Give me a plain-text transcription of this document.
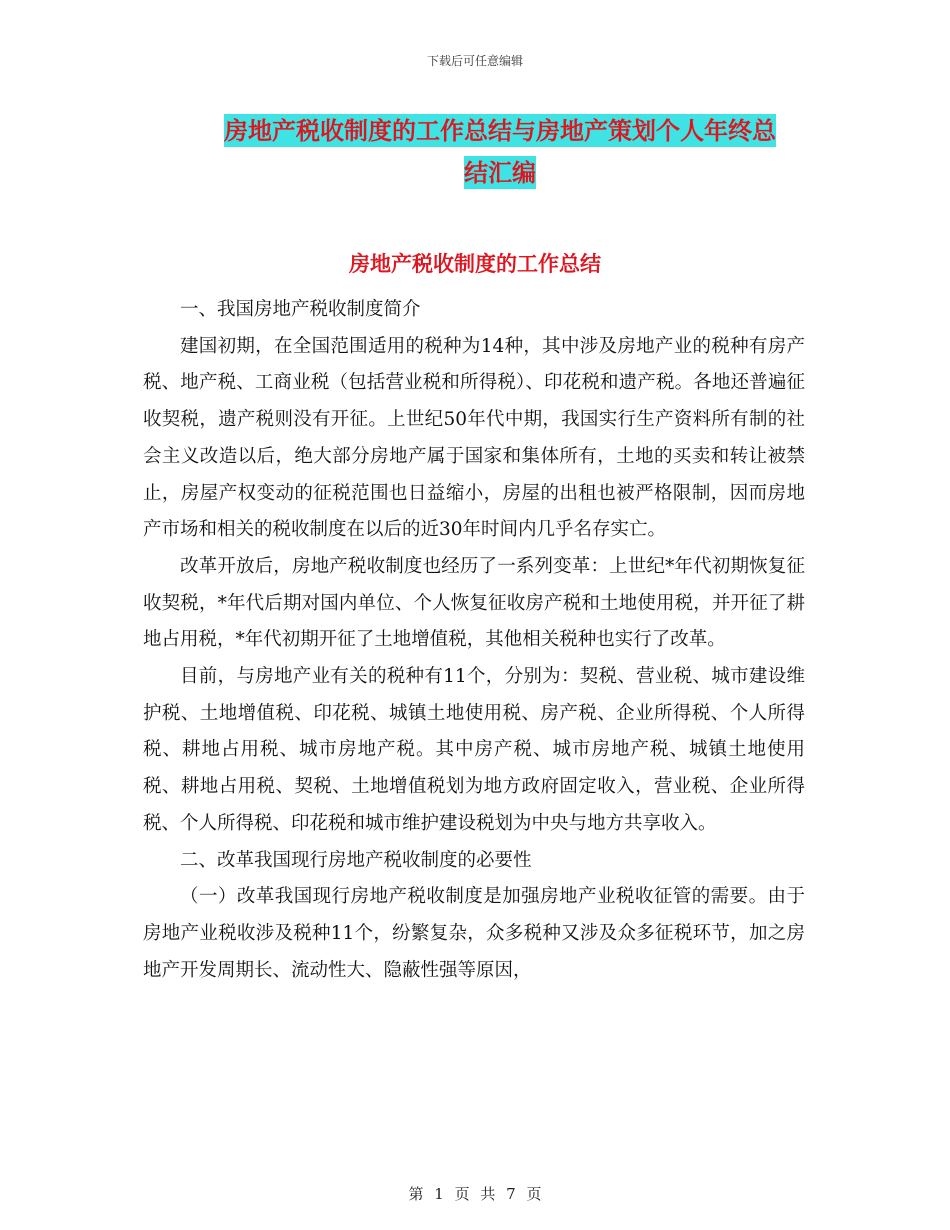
下载后可任意编辑
房地产税收制度的工作总结与房地产策划个人年终总
结汇编
房地产税收制度的工作总结

一、我国房地产税收制度简介

建国初期，在全国范围适用的税种为14种，其中涉及房地产业的税种有房产税、地产税、工商业税（包括营业税和所得税）、印花税和遗产税。各地还普遍征收契税，遗产税则没有开征。上世纪50年代中期，我国实行生产资料所有制的社会主义改造以后，绝大部分房地产属于国家和集体所有，土地的买卖和转让被禁止，房屋产权变动的征税范围也日益缩小，房屋的出租也被严格限制，因而房地产市场和相关的税收制度在以后的近30年时间内几乎名存实亡。

改革开放后，房地产税收制度也经历了一系列变革：上世纪*年代初期恢复征收契税，*年代后期对国内单位、个人恢复征收房产税和土地使用税，并开征了耕地占用税，*年代初期开征了土地增值税，其他相关税种也实行了改革。

目前，与房地产业有关的税种有11个，分别为：契税、营业税、城市建设维护税、土地增值税、印花税、城镇土地使用税、房产税、企业所得税、个人所得税、耕地占用税、城市房地产税。其中房产税、城市房地产税、城镇土地使用税、耕地占用税、契税、土地增值税划为地方政府固定收入，营业税、企业所得税、个人所得税、印花税和城市维护建设税划为中央与地方共享收入。

二、改革我国现行房地产税收制度的必要性

（一）改革我国现行房地产税收制度是加强房地产业税收征管的需要。由于房地产业税收涉及税种11个，纷繁复杂，众多税种又涉及众多征税环节，加之房地产开发周期长、流动性大、隐蔽性强等原因，

第 1 页 共 7 页
